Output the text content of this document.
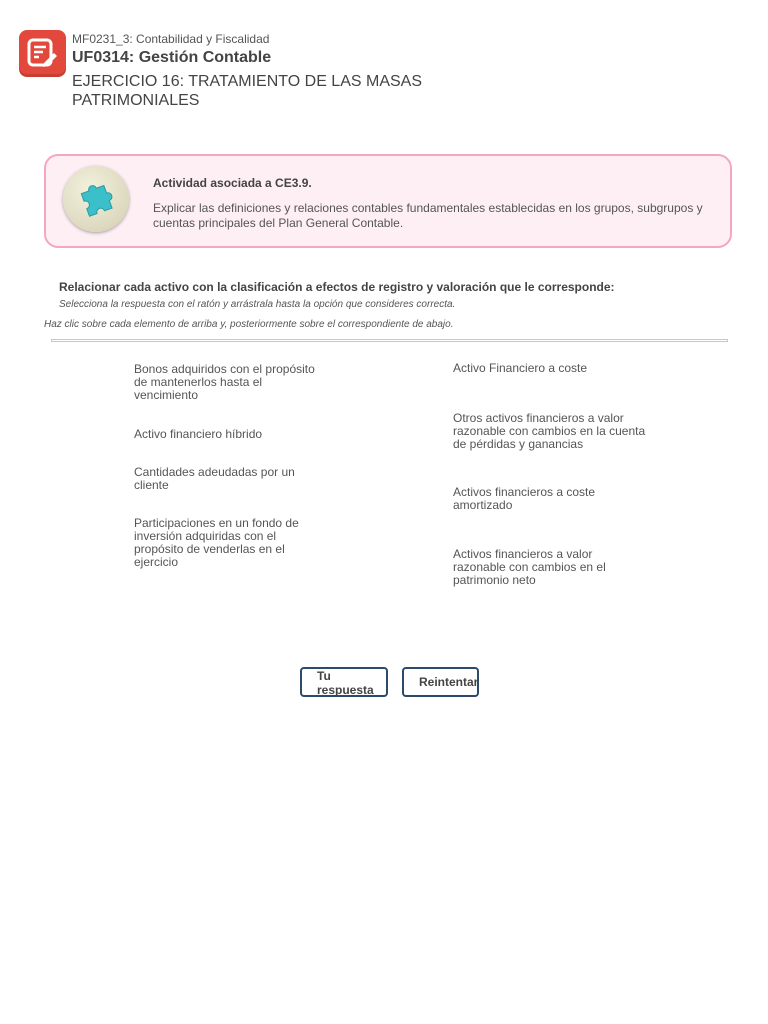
MF0231_3: Contabilidad y Fiscalidad
UF0314: Gestión Contable
EJERCICIO 16: TRATAMIENTO DE LAS MASAS PATRIMONIALES
Actividad asociada a CE3.9.
Explicar las definiciones y relaciones contables fundamentales establecidas en los grupos, subgrupos y cuentas principales del Plan General Contable.
Relacionar cada activo con la clasificación a efectos de registro y valoración que le corresponde:
Selecciona la respuesta con el ratón y arrástrala hasta la opción que consideres correcta.
Haz clic sobre cada elemento de arriba y, posteriormente sobre el correspondiente de abajo.
Bonos adquiridos con el propósito de mantenerlos hasta el vencimiento
Activo financiero híbrido
Cantidades adeudadas por un cliente
Participaciones en un fondo de inversión adquiridas con el propósito de venderlas en el ejercicio
Activo Financiero a coste
Otros activos financieros a valor razonable con cambios en la cuenta de pérdidas y ganancias
Activos financieros a coste amortizado
Activos financieros a valor razonable con cambios en el patrimonio neto
Tu respuesta
Reintentar
